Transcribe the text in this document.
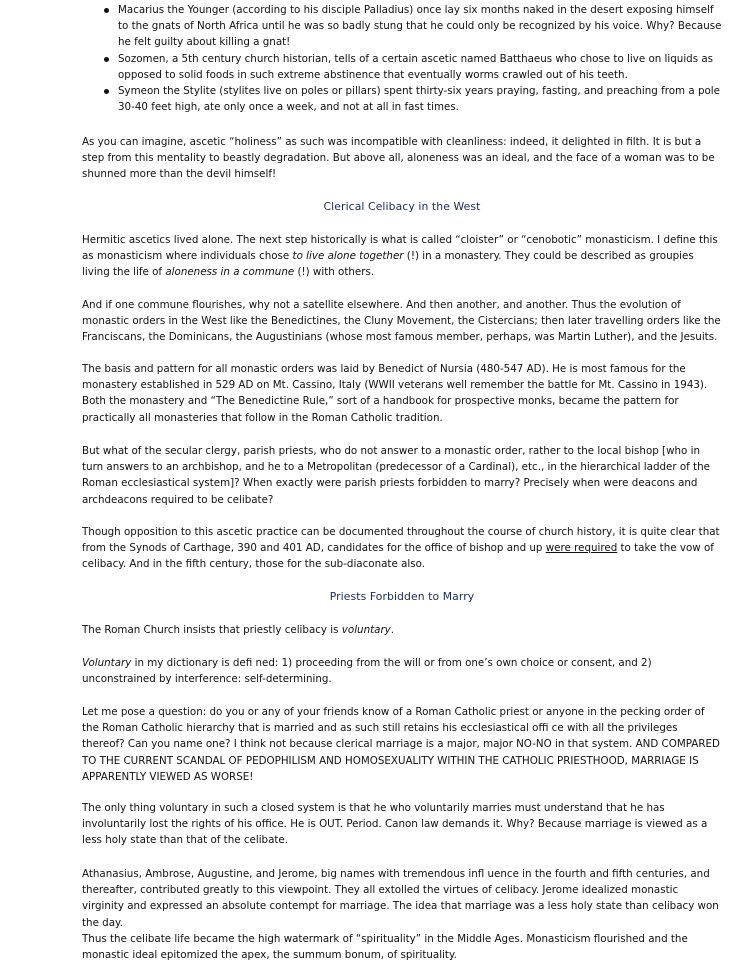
Macarius the Younger (according to his disciple Palladius) once lay six months naked in the desert exposing himself to the gnats of North Africa until he was so badly stung that he could only be recognized by his voice. Why? Because he felt guilty about killing a gnat!
Sozomen, a 5th century church historian, tells of a certain ascetic named Batthaeus who chose to live on liquids as opposed to solid foods in such extreme abstinence that eventually worms crawled out of his teeth.
Symeon the Stylite (stylites live on poles or pillars) spent thirty-six years praying, fasting, and preaching from a pole 30-40 feet high, ate only once a week, and not at all in fast times.

As you can imagine, ascetic “holiness” as such was incompatible with cleanliness: indeed, it delighted in filth. It is but a step from this mentality to beastly degradation. But above all, aloneness was an ideal, and the face of a woman was to be shunned more than the devil himself!

Clerical Celibacy in the West

Hermitic ascetics lived alone. The next step historically is what is called “cloister” or “cenobotic” monasticism. I define this as monasticism where individuals chose to live alone together (!) in a monastery. They could be described as groupies living the life of aloneness in a commune (!) with others.

And if one commune flourishes, why not a satellite elsewhere. And then another, and another. Thus the evolution of monastic orders in the West like the Benedictines, the Cluny Movement, the Cistercians; then later travelling orders like the Franciscans, the Dominicans, the Augustinians (whose most famous member, perhaps, was Martin Luther), and the Jesuits.

The basis and pattern for all monastic orders was laid by Benedict of Nursia (480-547 AD). He is most famous for the monastery established in 529 AD on Mt. Cassino, Italy (WWII veterans well remember the battle for Mt. Cassino in 1943). Both the monastery and “The Benedictine Rule,” sort of a handbook for prospective monks, became the pattern for practically all monasteries that follow in the Roman Catholic tradition.

But what of the secular clergy, parish priests, who do not answer to a monastic order, rather to the local bishop [who in turn answers to an archbishop, and he to a Metropolitan (predecessor of a Cardinal), etc., in the hierarchical ladder of the Roman ecclesiastical system]? When exactly were parish priests forbidden to marry? Precisely when were deacons and archdeacons required to be celibate?

Though opposition to this ascetic practice can be documented throughout the course of church history, it is quite clear that from the Synods of Carthage, 390 and 401 AD, candidates for the office of bishop and up were required to take the vow of celibacy. And in the fifth century, those for the sub-diaconate also.

Priests Forbidden to Marry

The Roman Church insists that priestly celibacy is voluntary.

Voluntary in my dictionary is defi ned: 1) proceeding from the will or from one’s own choice or consent, and 2) unconstrained by interference: self-determining.

Let me pose a question: do you or any of your friends know of a Roman Catholic priest or anyone in the pecking order of the Roman Catholic hierarchy that is married and as such still retains his ecclesiastical offi ce with all the privileges thereof? Can you name one? I think not because clerical marriage is a major, major NO-NO in that system. AND COMPARED TO THE CURRENT SCANDAL OF PEDOPHILISM AND HOMOSEXUALITY WITHIN THE CATHOLIC PRIESTHOOD, MARRIAGE IS APPARENTLY VIEWED AS WORSE!

The only thing voluntary in such a closed system is that he who voluntarily marries must understand that he has involuntarily lost the rights of his office. He is OUT. Period. Canon law demands it. Why? Because marriage is viewed as a less holy state than that of the celibate.

Athanasius, Ambrose, Augustine, and Jerome, big names with tremendous infl uence in the fourth and fifth centuries, and thereafter, contributed greatly to this viewpoint. They all extolled the virtues of celibacy. Jerome idealized monastic virginity and expressed an absolute contempt for marriage. The idea that marriage was a less holy state than celibacy won the day.

Thus the celibate life became the high watermark of “spirituality” in the Middle Ages. Monasticism flourished and the monastic ideal epitomized the apex, the summum bonum, of spirituality.
